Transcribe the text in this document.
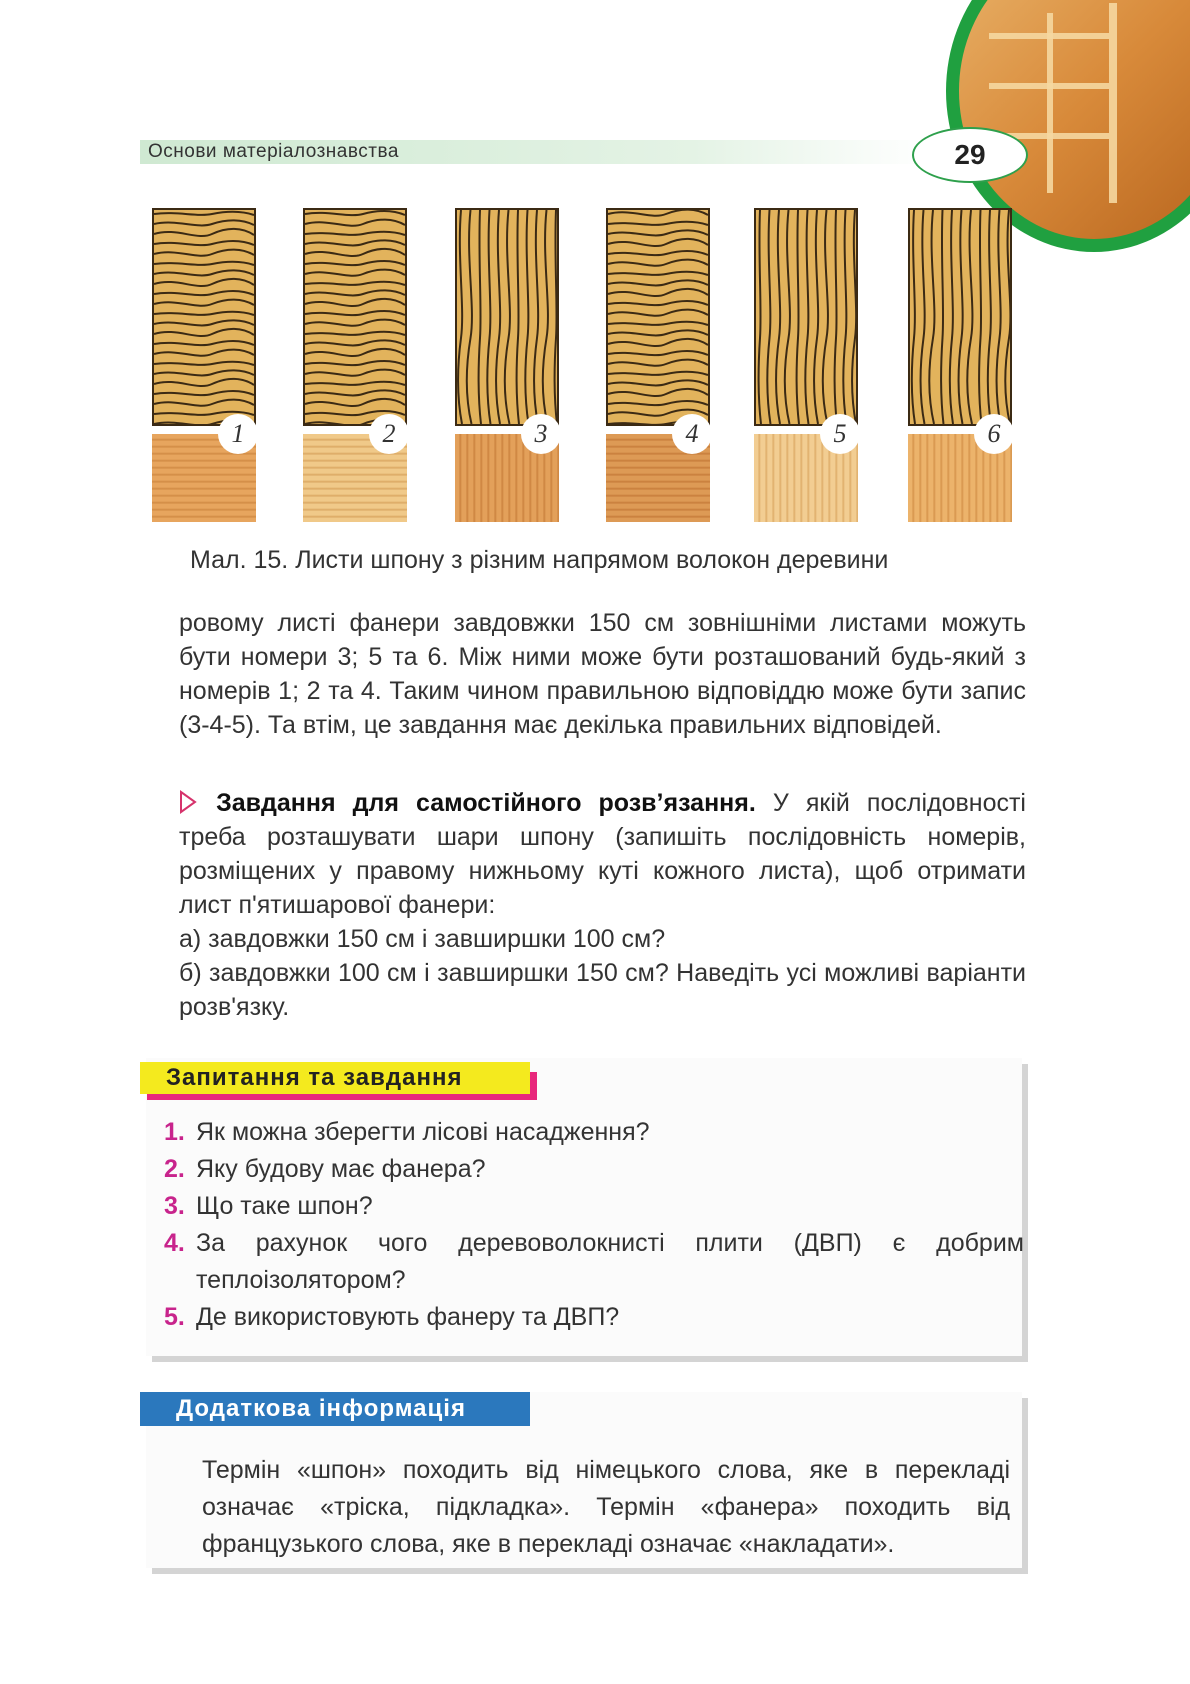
Основи матеріалознавства	29
1	2	3	4	5	6
Мал. 15. Листи шпону з різним напрямом волокон деревини

ровому листі фанери завдовжки 150 см зовнішніми листами можуть бути номери 3; 5 та 6. Між ними може бути розташований будь-який з номерів 1; 2 та 4. Таким чином правильною відповіддю може бути запис (3-4-5). Та втім, це завдання має декілька правильних відповідей.

Завдання для самостійного розв’язання. У якій послідовності треба розташувати шари шпону (запишіть послідовність номерів, розміщених у правому нижньому куті кожного листа), щоб отримати лист п'ятишарової фанери:
а) завдовжки 150 см і завширшки 100 см?
б) завдовжки 100 см і завширшки 150 см? Наведіть усі можливі варіанти розв'язку.
Запитання та завдання
1. Як можна зберегти лісові насадження?
2. Яку будову має фанера?
3. Що таке шпон?
4. За рахунок чого деревоволокнисті плити (ДВП) є добрим теплоізолятором?
5. Де використовують фанеру та ДВП?
Додаткова інформація

Термін «шпон» походить від німецького слова, яке в перекладі означає «тріска, підкладка». Термін «фанера» походить від французького слова, яке в перекладі означає «накладати».
